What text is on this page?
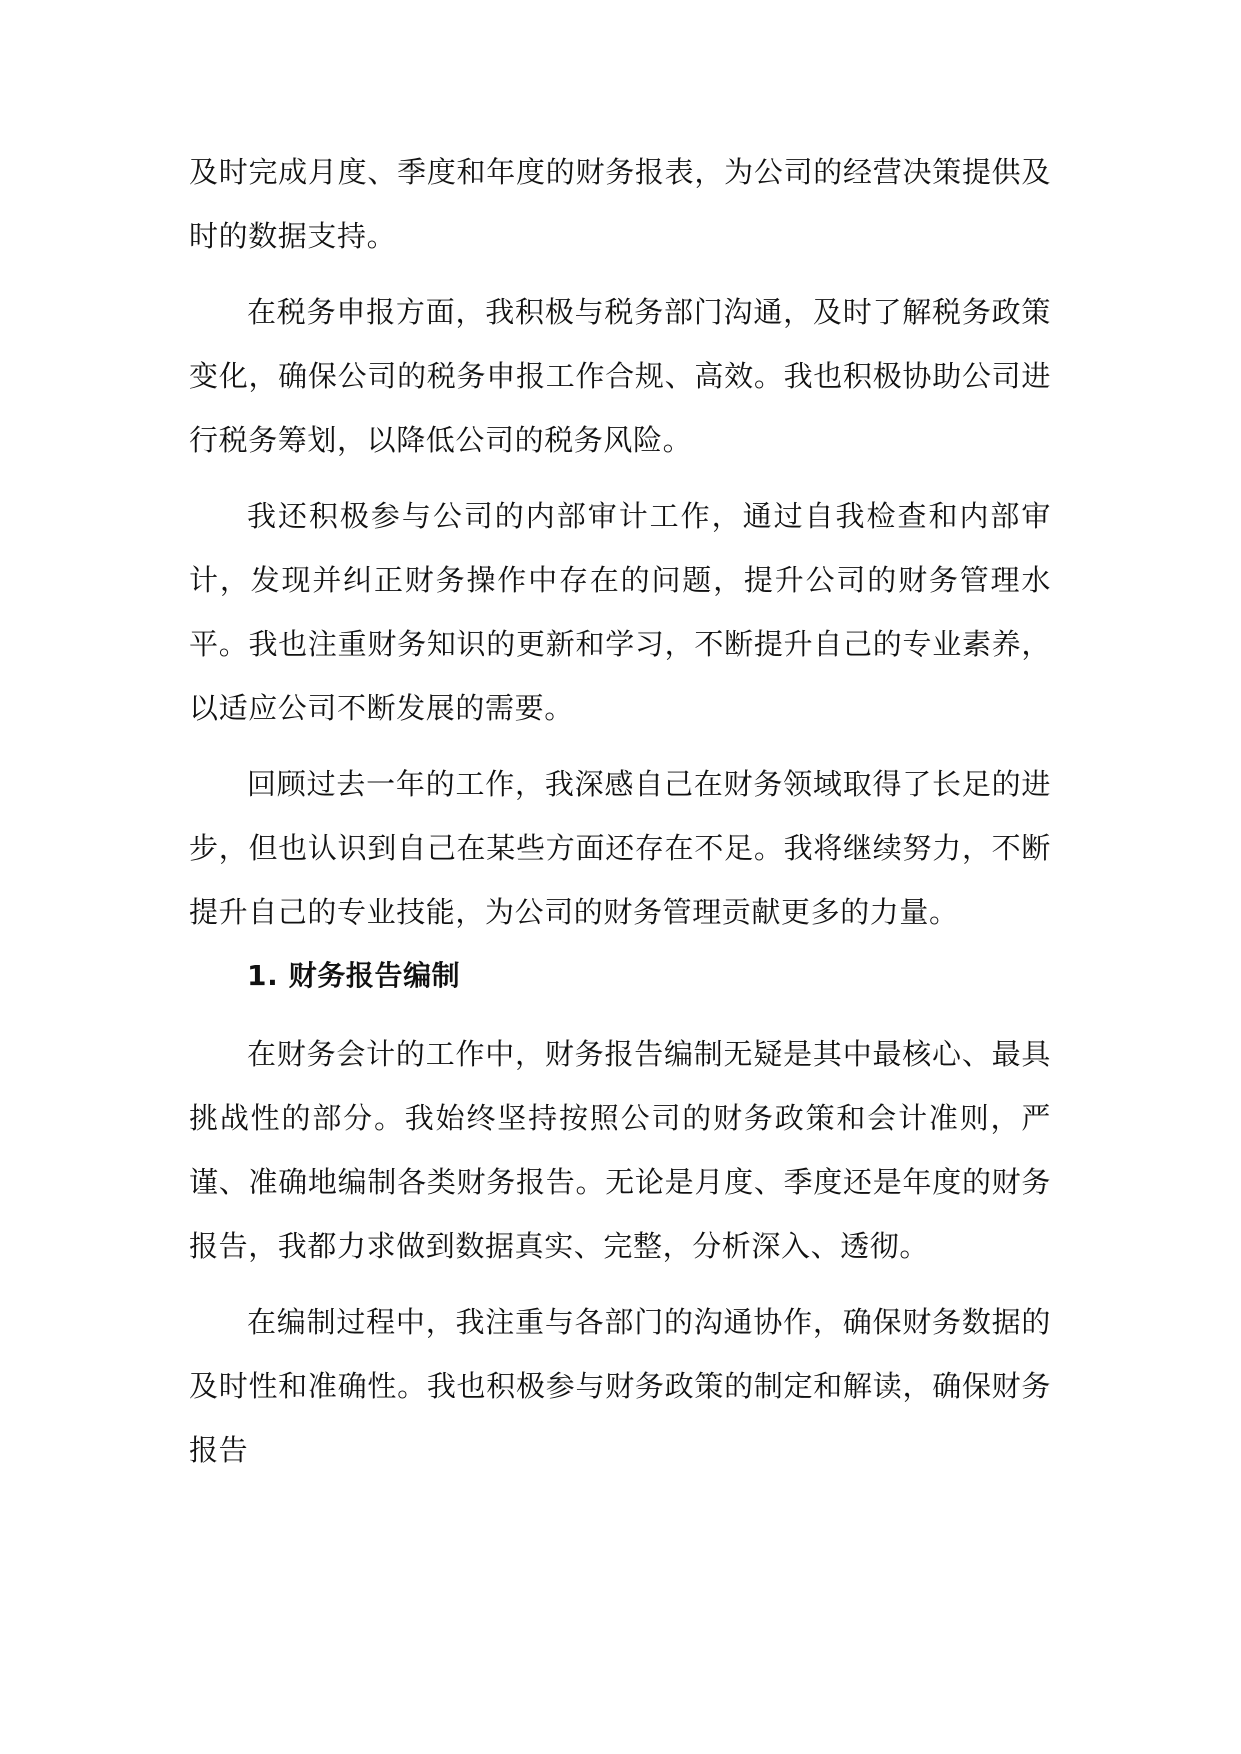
及时完成月度、季度和年度的财务报表，为公司的经营决策提供及时的数据支持。

在税务申报方面，我积极与税务部门沟通，及时了解税务政策变化，确保公司的税务申报工作合规、高效。我也积极协助公司进行税务筹划，以降低公司的税务风险。

我还积极参与公司的内部审计工作，通过自我检查和内部审计，发现并纠正财务操作中存在的问题，提升公司的财务管理水平。我也注重财务知识的更新和学习，不断提升自己的专业素养，以适应公司不断发展的需要。

回顾过去一年的工作，我深感自己在财务领域取得了长足的进步，但也认识到自己在某些方面还存在不足。我将继续努力，不断提升自己的专业技能，为公司的财务管理贡献更多的力量。

1. 财务报告编制

在财务会计的工作中，财务报告编制无疑是其中最核心、最具挑战性的部分。我始终坚持按照公司的财务政策和会计准则，严谨、准确地编制各类财务报告。无论是月度、季度还是年度的财务报告，我都力求做到数据真实、完整，分析深入、透彻。

在编制过程中，我注重与各部门的沟通协作，确保财务数据的及时性和准确性。我也积极参与财务政策的制定和解读，确保财务报告
